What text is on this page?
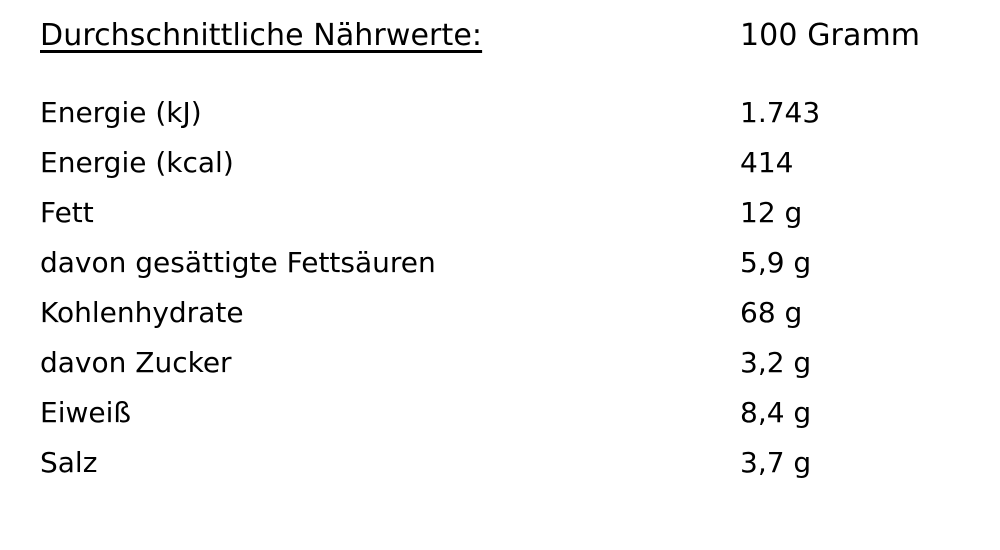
Durchschnittliche Nährwerte:	100 Gramm

Energie (kJ)	1.743
Energie (kcal)	414
Fett	12 g
davon gesättigte Fettsäuren	5,9 g
Kohlenhydrate	68 g
davon Zucker	3,2 g
Eiweiß	8,4 g
Salz	3,7 g
